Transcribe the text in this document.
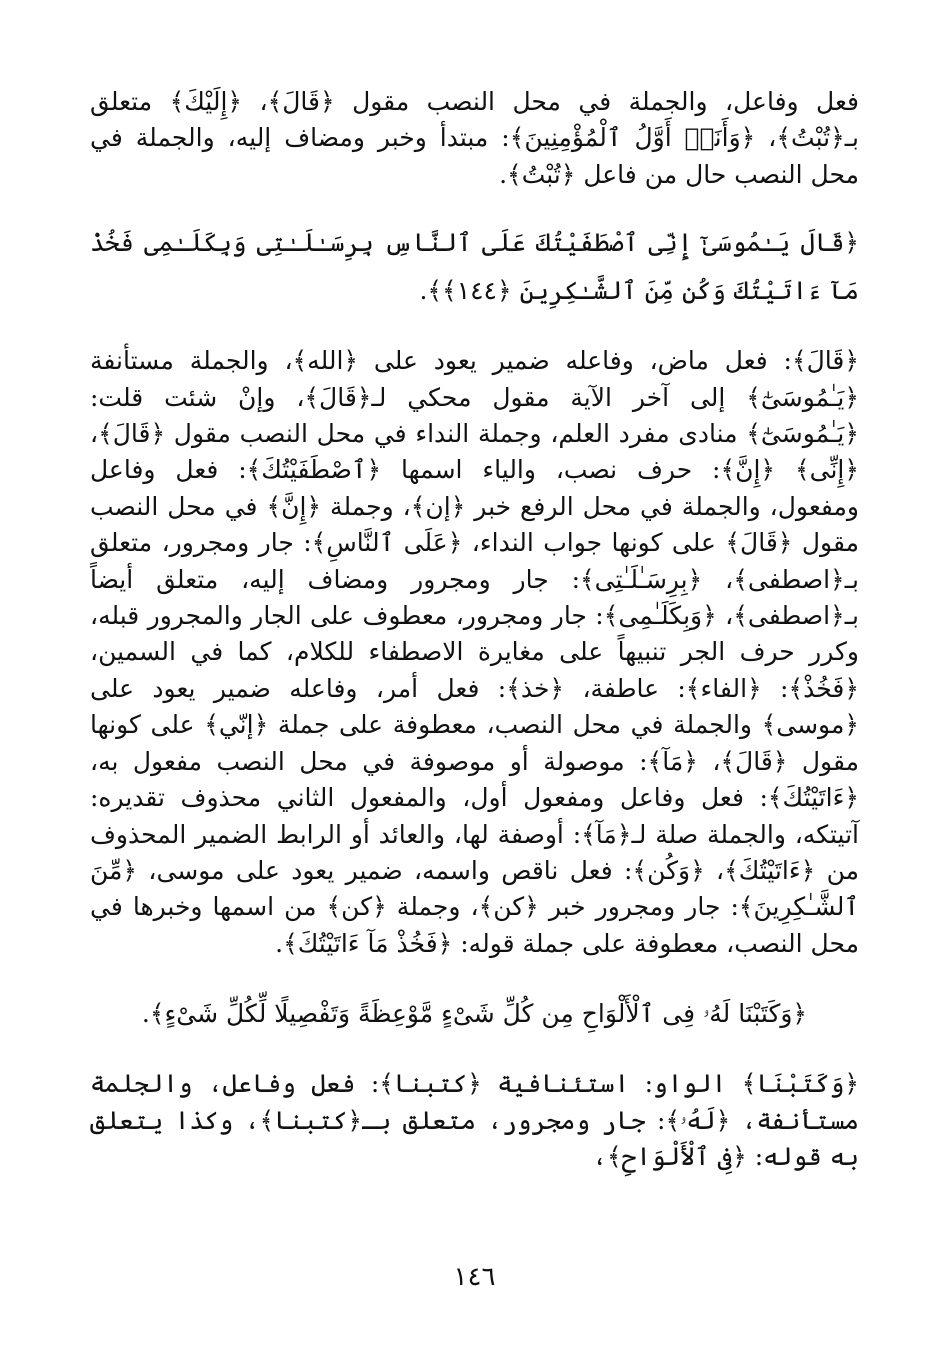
فعل وفاعل، والجملة في محل النصب مقول ﴿قَالَ﴾، ﴿إِلَيْكَ﴾ متعلق بـ﴿تُبْتُ﴾، ﴿وَأَنَا۠ أَوَّلُ ٱلْمُؤْمِنِينَ﴾: مبتدأ وخبر ومضاف إليه، والجملة في محل النصب حال من فاعل ﴿تُبْتُ﴾.

﴿قَالَ يَـٰمُوسَىٰٓ إِنِّى ٱصْطَفَيْتُكَ عَلَى ٱلنَّاسِ بِرِسَـٰلَـٰتِى وَبِكَلَـٰمِى فَخُذْ مَآ ءَاتَيْتُكَ وَكُن مِّنَ ٱلشَّـٰكِرِينَ ﴿١٤٤﴾﴾.

﴿قَالَ﴾: فعل ماض، وفاعله ضمير يعود على ﴿الله﴾، والجملة مستأنفة ﴿يَـٰمُوسَىٰٓ﴾ إلى آخر الآية مقول محكي لـ﴿قَالَ﴾، وإنْ شئت قلت: ﴿يَـٰمُوسَىٰٓ﴾ منادى مفرد العلم، وجملة النداء في محل النصب مقول ﴿قَالَ﴾، ﴿إِنِّى﴾ ﴿إِنَّ﴾: حرف نصب، والياء اسمها ﴿ٱصْطَفَيْتُكَ﴾: فعل وفاعل ومفعول، والجملة في محل الرفع خبر ﴿إن﴾، وجملة ﴿إِنَّ﴾ في محل النصب مقول ﴿قَالَ﴾ على كونها جواب النداء، ﴿عَلَى ٱلنَّاسِ﴾: جار ومجرور، متعلق بـ﴿اصطفى﴾، ﴿بِرِسَـٰلَـٰتِى﴾: جار ومجرور ومضاف إليه، متعلق أيضاً بـ﴿اصطفى﴾، ﴿وَبِكَلَـٰمِى﴾: جار ومجرور، معطوف على الجار والمجرور قبله، وكرر حرف الجر تنبيهاً على مغايرة الاصطفاء للكلام، كما في السمين، ﴿فَخُذْ﴾: ﴿الفاء﴾: عاطفة، ﴿خذ﴾: فعل أمر، وفاعله ضمير يعود على ﴿موسى﴾ والجملة في محل النصب، معطوفة على جملة ﴿إنّي﴾ على كونها مقول ﴿قَالَ﴾، ﴿مَآ﴾: موصولة أو موصوفة في محل النصب مفعول به، ﴿ءَاتَيْتُكَ﴾: فعل وفاعل ومفعول أول، والمفعول الثاني محذوف تقديره: آتيتكه، والجملة صلة لـ﴿مَآ﴾: أوصفة لها، والعائد أو الرابط الضمير المحذوف من ﴿ءَاتَيْتُكَ﴾، ﴿وَكُن﴾: فعل ناقص واسمه، ضمير يعود على موسى، ﴿مِّنَ ٱلشَّـٰكِرِينَ﴾: جار ومجرور خبر ﴿كن﴾، وجملة ﴿كن﴾ من اسمها وخبرها في محل النصب، معطوفة على جملة قوله: ﴿فَخُذْ مَآ ءَاتَيْتُكَ﴾.

﴿وَكَتَبْنَا لَهُۥ فِى ٱلْأَلْوَاحِ مِن كُلِّ شَىْءٍ مَّوْعِظَةً وَتَفْصِيلًا لِّكُلِّ شَىْءٍ﴾.

﴿وَكَتَبْنَا﴾ الواو: استئنافية ﴿كتبنا﴾: فعل وفاعل، والجلمة مستأنفة، ﴿لَهُۥ﴾: جار ومجرور، متعلق بـ﴿كتبنا﴾، وكذا يتعلق به قوله: ﴿فِى ٱلْأَلْوَاحِ﴾،

١٤٦
